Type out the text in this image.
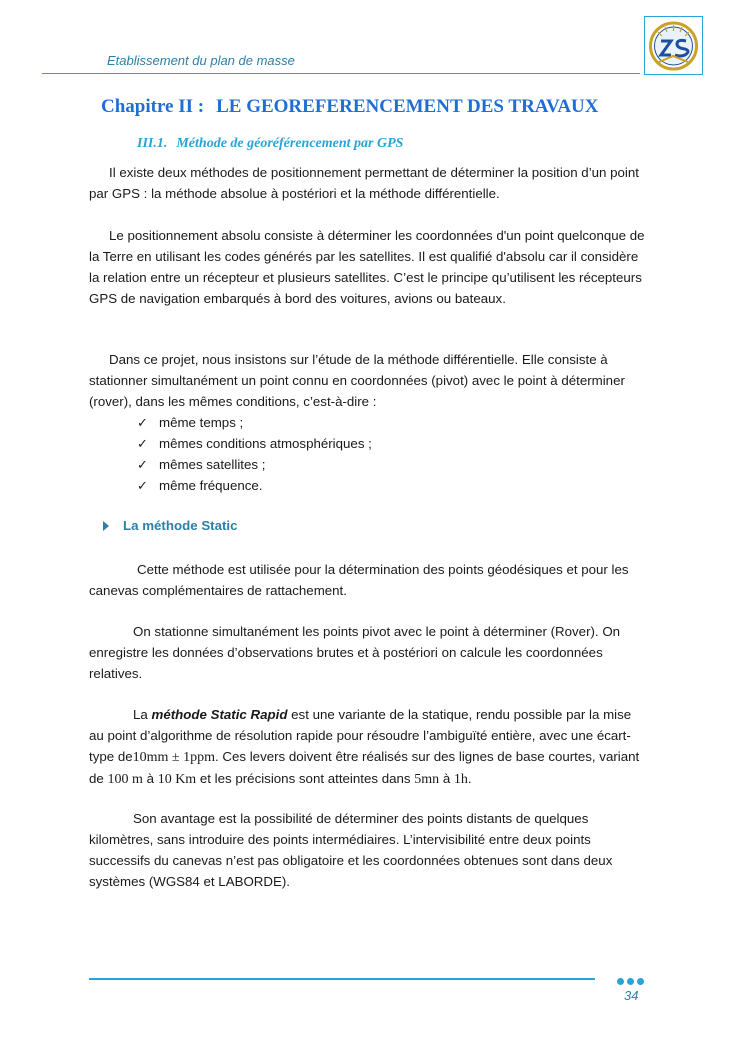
Etablissement du plan de masse
Chapitre II : LE GEOREFERENCEMENT DES TRAVAUX
III.1. Méthode de géoréférencement par GPS

Il existe deux méthodes de positionnement permettant de déterminer la position d’un point par GPS : la méthode absolue à postériori et la méthode différentielle.

Le positionnement absolu consiste à déterminer les coordonnées d'un point quelconque de la Terre en utilisant les codes générés par les satellites. Il est qualifié d'absolu car il considère la relation entre un récepteur et plusieurs satellites. C’est le principe qu’utilisent les récepteurs GPS de navigation embarqués à bord des voitures, avions ou bateaux.

Dans ce projet, nous insistons sur l’étude de la méthode différentielle. Elle consiste à stationner simultanément un point connu en coordonnées (pivot) avec le point à déterminer (rover), dans les mêmes conditions, c’est-à-dire :

✓ même temps ;
✓ mêmes conditions atmosphériques ;
✓ mêmes satellites ;
✓ même fréquence.
La méthode Static

Cette méthode est utilisée pour la détermination des points géodésiques et pour les canevas complémentaires de rattachement.

On stationne simultanément les points pivot avec le point à déterminer (Rover). On enregistre les données d’observations brutes et à postériori on calcule les coordonnées relatives.

La méthode Static Rapid est une variante de la statique, rendu possible par la mise au point d’algorithme de résolution rapide pour résoudre l’ambiguïté entière, avec une écart-type de10mm ± 1ppm. Ces levers doivent être réalisés sur des lignes de base courtes, variant de 100 m à 10 Km et les précisions sont atteintes dans 5mn à 1h.

Son avantage est la possibilité de déterminer des points distants de quelques kilomètres, sans introduire des points intermédiaires. L’intervisibilité entre deux points successifs du canevas n’est pas obligatoire et les coordonnées obtenues sont dans deux systèmes (WGS84 et LABORDE).

34
